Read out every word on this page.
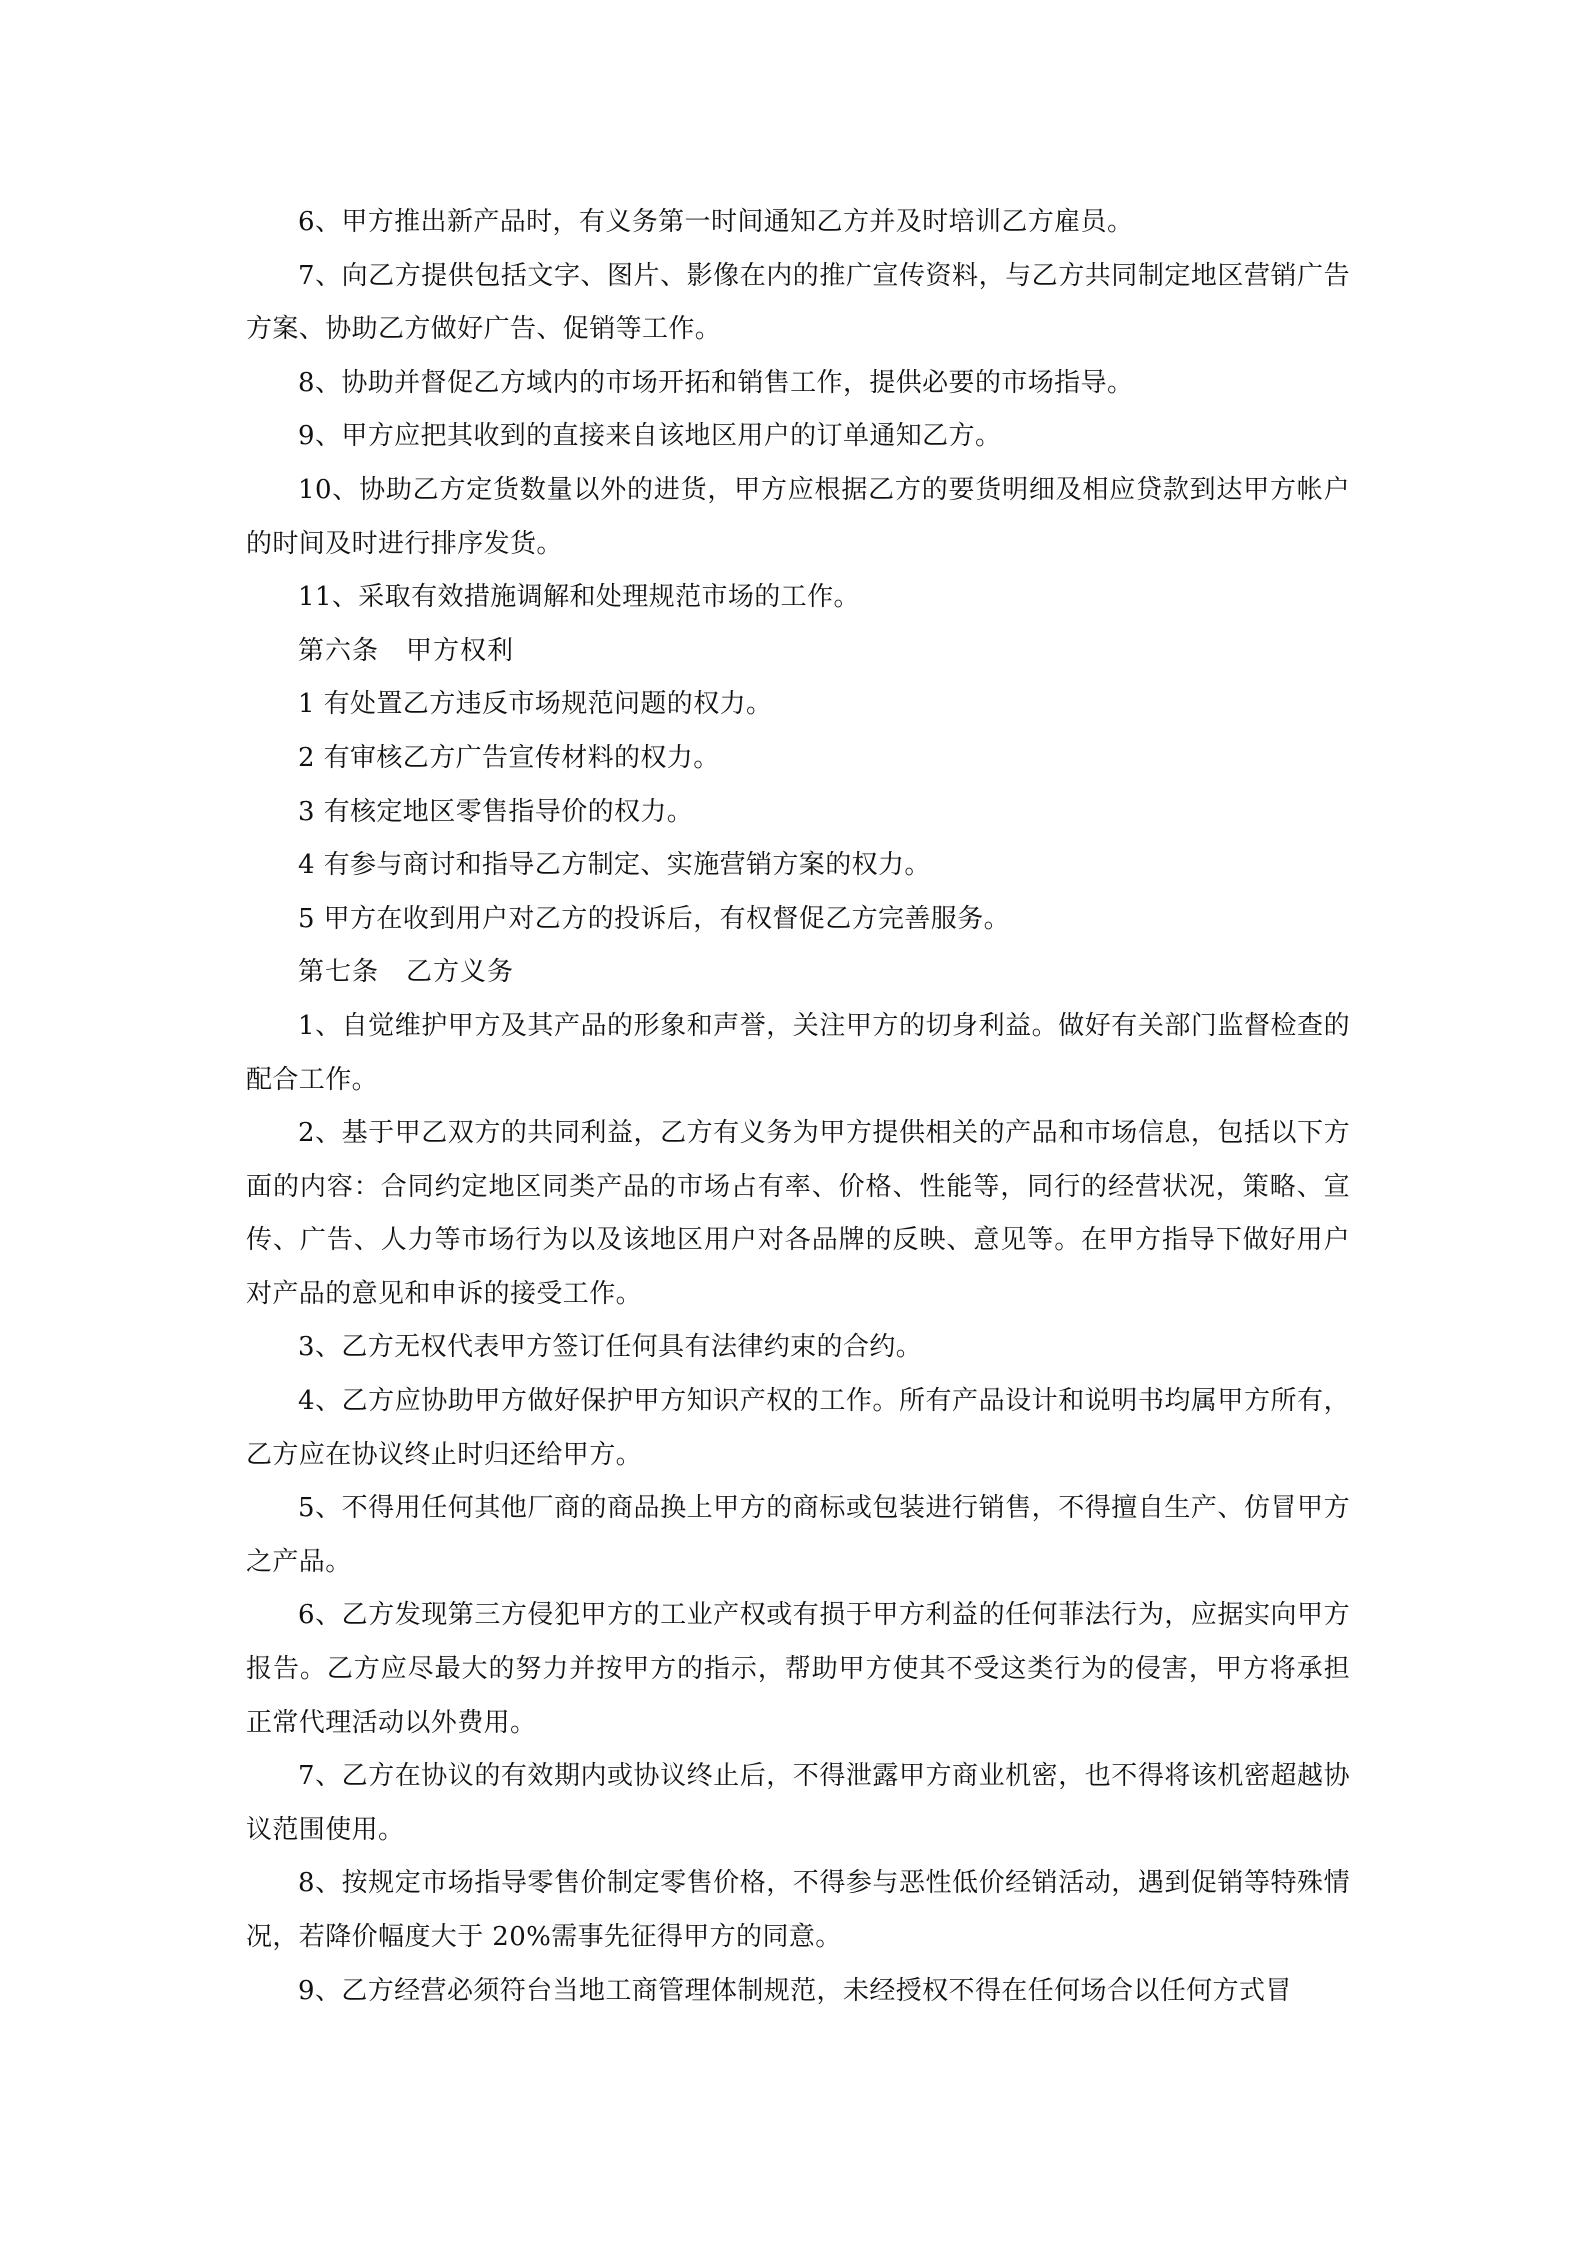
6、甲方推出新产品时，有义务第一时间通知乙方并及时培训乙方雇员。

7、向乙方提供包括文字、图片、影像在内的推广宣传资料，与乙方共同制定地区营销广告方案、协助乙方做好广告、促销等工作。

8、协助并督促乙方域内的市场开拓和销售工作，提供必要的市场指导。

9、甲方应把其收到的直接来自该地区用户的订单通知乙方。

10、协助乙方定货数量以外的进货，甲方应根据乙方的要货明细及相应贷款到达甲方帐户的时间及时进行排序发货。

11、采取有效措施调解和处理规范市场的工作。

第六条　甲方权利

1 有处置乙方违反市场规范问题的权力。

2 有审核乙方广告宣传材料的权力。

3 有核定地区零售指导价的权力。

4 有参与商讨和指导乙方制定、实施营销方案的权力。

5 甲方在收到用户对乙方的投诉后，有权督促乙方完善服务。

第七条　乙方义务

1、自觉维护甲方及其产品的形象和声誉，关注甲方的切身利益。做好有关部门监督检查的配合工作。

2、基于甲乙双方的共同利益，乙方有义务为甲方提供相关的产品和市场信息，包括以下方面的内容：合同约定地区同类产品的市场占有率、价格、性能等，同行的经营状况，策略、宣传、广告、人力等市场行为以及该地区用户对各品牌的反映、意见等。在甲方指导下做好用户对产品的意见和申诉的接受工作。

3、乙方无权代表甲方签订任何具有法律约束的合约。

4、乙方应协助甲方做好保护甲方知识产权的工作。所有产品设计和说明书均属甲方所有，乙方应在协议终止时归还给甲方。

5、不得用任何其他厂商的商品换上甲方的商标或包装进行销售，不得擅自生产、仿冒甲方之产品。

6、乙方发现第三方侵犯甲方的工业产权或有损于甲方利益的任何菲法行为，应据实向甲方报告。乙方应尽最大的努力并按甲方的指示，帮助甲方使其不受这类行为的侵害，甲方将承担正常代理活动以外费用。

7、乙方在协议的有效期内或协议终止后，不得泄露甲方商业机密，也不得将该机密超越协议范围使用。

8、按规定市场指导零售价制定零售价格，不得参与恶性低价经销活动，遇到促销等特殊情况，若降价幅度大于 20%需事先征得甲方的同意。

9、乙方经营必须符台当地工商管理体制规范，未经授权不得在任何场合以任何方式冒
